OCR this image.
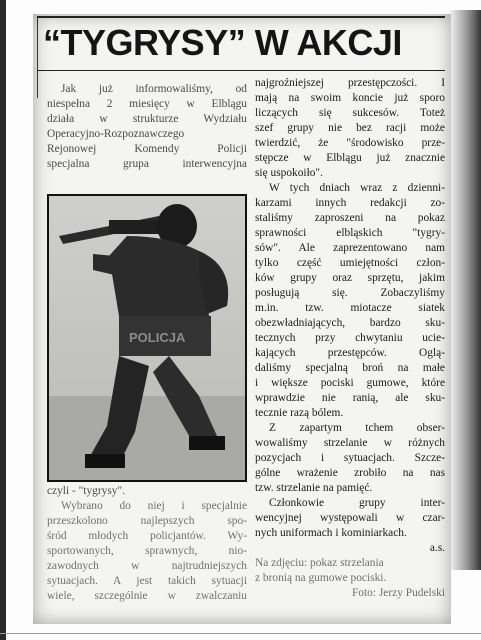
“TYGRYSY” W AKCJI

Jak już informowaliśmy, od

niespełna 2 miesięcy w Elblągu
działa w strukturze Wydziału
Operacyjno-Rozpoznawczego
Rejonowej Komendy Policji
specjalna grupa interwencyjna
POLICJA
czyli - "tygrysy".

Wybrano do niej i specjalnie

przeszkolono najlepszych spo-
śród młodych policjantów. Wy-
sportowanych, sprawnych, nio-
zawodnych w najtrudniejszych
sytuacjach. A jest takich sytuacji
wiele, szczególnie w zwalczaniu
najgroźniejszej przestępczości. I
mają na swoim koncie już sporo
liczących się sukcesów. Toteż
szef grupy nie bez racji może
twierdzić, że "środowisko prze-
stępcze w Elblągu już znacznie
się uspokoiło".

W tych dniach wraz z dzienni-

karzami innych redakcji zo-
staliśmy zaproszeni na pokaz
sprawności elbląskich "tygry-
sów". Ale zaprezentowano nam
tylko część umiejętności człon-
ków grupy oraz sprzętu, jakim
posługują się. Zobaczyliśmy
m.in. tzw. miotacze siatek
obezwładniających, bardzo sku-
tecznych przy chwytaniu ucie-
kających przestępców. Oglą-
daliśmy specjalną broń na małe
i większe pociski gumowe, które
wprawdzie nie ranią, ale sku-
tecznie razą bólem.

Z zapartym tchem obser-

wowaliśmy strzelanie w różnych
pozycjach i sytuacjach. Szcze-
gólne wrażenie zrobiło na nas
tzw. strzelanie na pamięć.

Członkowie grupy inter-

wencyjnej występowali w czar-
nych uniformach i kominiarkach.
a.s.
Na zdjęciu: pokaz strzelania
z bronią na gumowe pociski.
Foto: Jerzy Pudelski
